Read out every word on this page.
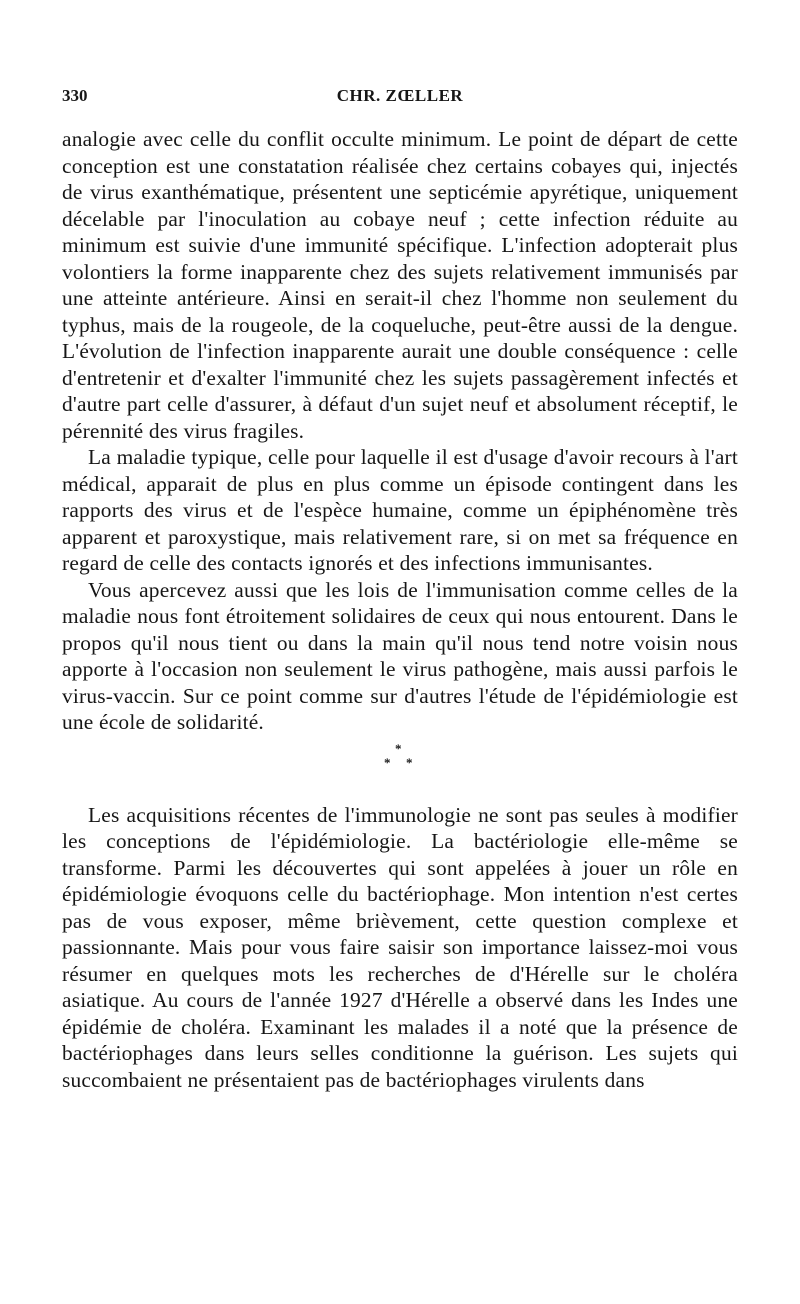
330	CHR. ZŒLLER

analogie avec celle du conflit occulte minimum. Le point de départ de cette conception est une constatation réalisée chez certains cobayes qui, injectés de virus exanthématique, présentent une septicémie apyrétique, uniquement décelable par l'inoculation au cobaye neuf ; cette infection réduite au minimum est suivie d'une immunité spécifique. L'infection adopterait plus volontiers la forme inapparente chez des sujets relativement immunisés par une atteinte antérieure. Ainsi en serait-il chez l'homme non seulement du typhus, mais de la rougeole, de la coqueluche, peut-être aussi de la dengue. L'évolution de l'infection inapparente aurait une double conséquence : celle d'entretenir et d'exalter l'immunité chez les sujets passagèrement infectés et d'autre part celle d'assurer, à défaut d'un sujet neuf et absolument réceptif, le pérennité des virus fragiles.

La maladie typique, celle pour laquelle il est d'usage d'avoir recours à l'art médical, apparait de plus en plus comme un épisode contingent dans les rapports des virus et de l'espèce humaine, comme un épiphénomène très apparent et paroxystique, mais relativement rare, si on met sa fréquence en regard de celle des contacts ignorés et des infections immunisantes.

Vous apercevez aussi que les lois de l'immunisation comme celles de la maladie nous font étroitement solidaires de ceux qui nous entourent. Dans le propos qu'il nous tient ou dans la main qu'il nous tend notre voisin nous apporte à l'occasion non seulement le virus pathogène, mais aussi parfois le virus-vaccin. Sur ce point comme sur d'autres l'étude de l'épidémiologie est une école de solidarité.

*
* *

Les acquisitions récentes de l'immunologie ne sont pas seules à modifier les conceptions de l'épidémiologie. La bactériologie elle-même se transforme. Parmi les découvertes qui sont appelées à jouer un rôle en épidémiologie évoquons celle du bactériophage. Mon intention n'est certes pas de vous exposer, même brièvement, cette question complexe et passionnante. Mais pour vous faire saisir son importance laissez-moi vous résumer en quelques mots les recherches de d'Hérelle sur le choléra asiatique. Au cours de l'année 1927 d'Hérelle a observé dans les Indes une épidémie de choléra. Examinant les malades il a noté que la présence de bactériophages dans leurs selles conditionne la guérison. Les sujets qui succombaient ne présentaient pas de bactériophages virulents dans
